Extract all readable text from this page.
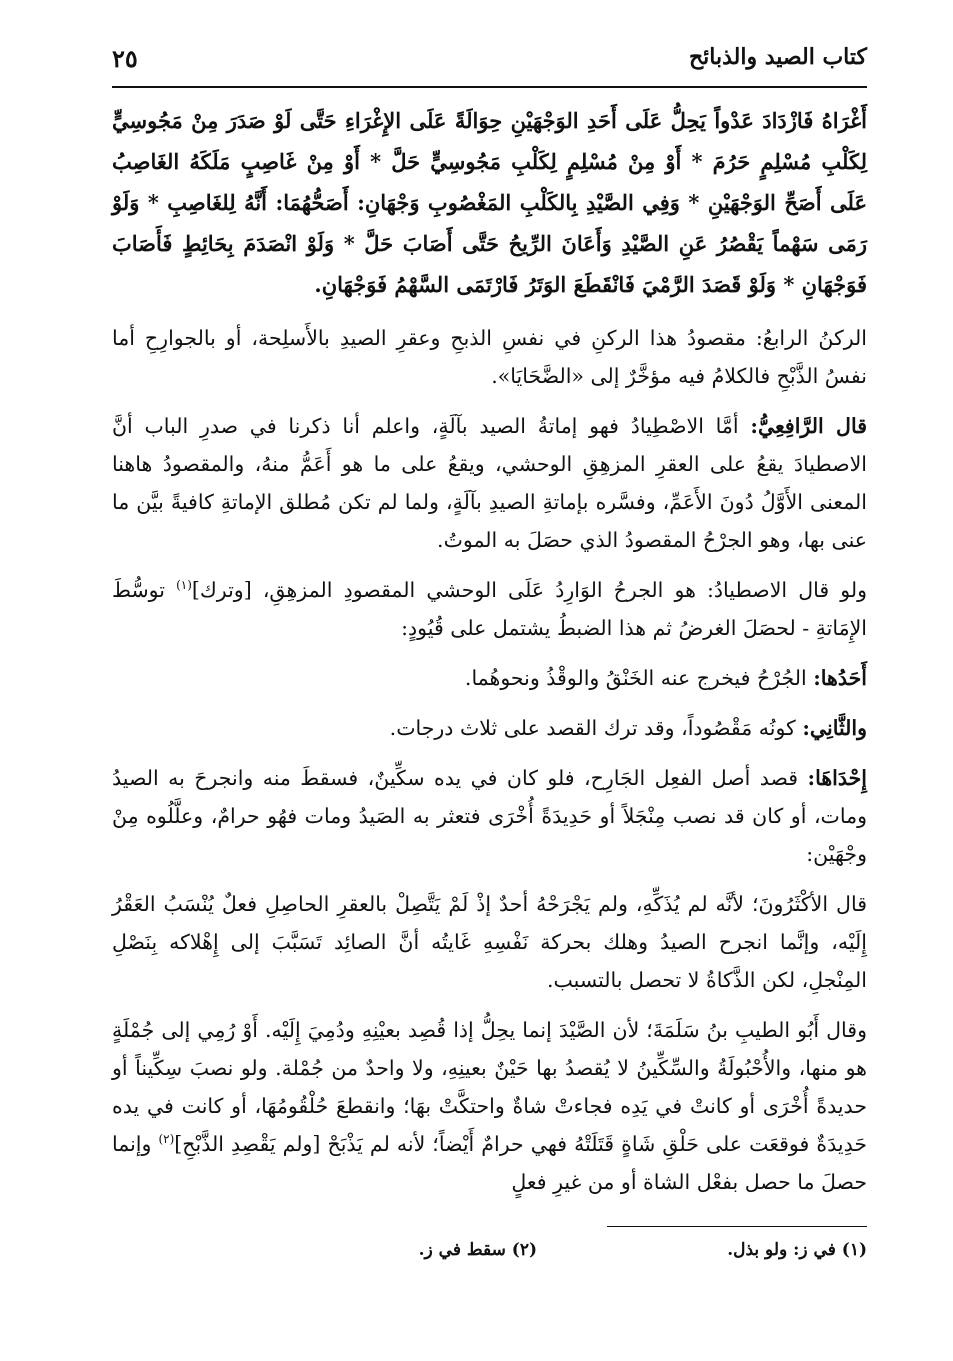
كتاب الصيد والذبائح
٢٥

أَغْرَاهُ فَازْدَادَ عَدْواً يَحِلُّ عَلَى أَحَدِ الوَجْهَيْنِ حِوَالَةً عَلَى الإِغْرَاءِ حَتَّى لَوْ صَدَرَ مِنْ مَجُوسِيٍّ لِكَلْبِ مُسْلِمٍ حَرُمَ * أَوْ مِنْ مُسْلِمٍ لِكَلْبِ مَجُوسِيٍّ حَلَّ * أَوْ مِنْ غَاصِبٍ مَلَكَهُ الغَاصِبُ عَلَى أَصَحِّ الوَجْهَيْنِ * وَفِي الصَّيْدِ بِالكَلْبِ المَغْصُوبِ وَجْهَانِ: أَصَحُّهُمَا: أَنَّهُ لِلغَاصِبِ * وَلَوْ رَمَى سَهْماً يَقْصُرُ عَنِ الصَّيْدِ وَأَعَانَ الرِّيحُ حَتَّى أَصَابَ حَلَّ * وَلَوْ انْصَدَمَ بِحَائِطٍ فَأَصَابَ فَوَجْهَانِ * وَلَوْ قَصَدَ الرَّمْيَ فَانْقَطَعَ الوَتَرُ فَارْتَمَى السَّهْمُ فَوَجْهَانِ.

الركنُ الرابعُ: مقصودُ هذا الركنِ في نفسِ الذبحِ وعقرِ الصيدِ بالأَسلِحة، أو بالجوارِحِ أما نفسُ الذَّبْحِ فالكلامُ فيه مؤخَّرٌ إلى «الضَّحَايَا».

قال الرَّافِعِيُّ: أمَّا الاصْطِيادُ فهو إماتةُ الصيد بآلَةٍ، واعلم أنا ذكرنا في صدرِ الباب أنَّ الاصطيادَ يقعُ على العقرِ المزهِقِ الوحشي، ويقعُ على ما هو أَعَمُّ منهُ، والمقصودُ هاهنا المعنى الأَوَّلُ دُونَ الأَعَمِّ، وفسَّره بإماتةِ الصيدِ بآلَةٍ، ولما لم تكن مُطلق الإماتةِ كافيةً بيَّن ما عنى بها، وهو الجرْحُ المقصودُ الذي حصَلَ به الموتُ.

ولو قال الاصطيادُ: هو الجرحُ الوَارِدُ عَلَى الوحشي المقصودِ المزهِقِ، [وترك]$^{(١)}$ توسُّطَ الإِمَاتةِ - لحصَلَ الغرضُ ثم هذا الضبطُ يشتمل على قُيُودٍ:

أَحَدُها: الجُرْحُ فيخرج عنه الخَنْقُ والوقْذُ ونحوهُما.

والثَّانِي: كونُه مَقْصُوداً، وقد ترك القصد على ثلاث درجات.

إِحْدَاهَا: قصد أصل الفعِل الجَارِح، فلو كان في يده سكِّينٌ، فسقطَ منه وانجرحَ به الصيدُ ومات، أو كان قد نصب مِنْجَلاً أو حَدِيدَةً أُخْرَى فتعثر به الصَيدُ ومات فهُو حرامٌ، وعلَّلُوه مِنْ وجْهَيْن:

قال الأكْثَرُونَ؛ لأنَّه لم يُذَكِّهِ، ولم يَجْرَحْهُ أحدٌ إذْ لَمْ يَتَّصِلْ بالعقرِ الحاصِلِ فعلٌ يُنْسَبُ العَقْرُ إِلَيْه، وإنَّما انجرح الصيدُ وهلك بحركة نَفْسِهِ غَايتُه أنَّ الصائِد تَسَبَّبَ إلى إِهْلاكه بِنَصْلِ المِنْجلِ، لكن الذَّكاةُ لا تحصل بالتسبب.

وقال أَبُو الطيبِ بنُ سَلَمَةَ؛ لأن الصَّيْدَ إنما يحِلُّ إذا قُصِد بعيْنِهِ ودُمِيَ إِلَيْه. أَوْ رُمِي إلى جُمْلَةٍ هو منها، والأُحْبُولَةُ والسِّكِّينُ لا يُقصدُ بها حَيْنٌ بعينِهِ، ولا واحدٌ من جُمْلة. ولو نصبَ سِكِّيناً أو حديدةً أُخْرَى أو كانتْ في يَدِه فجاءتْ شاةٌ واحتكَّتْ بهَا؛ وانقطعَ حُلْقُومُهَا، أو كانت في يده حَدِيدَةٌ فوقعَت على حَلْقِ شَاةٍ قَتَلَتْهُ فهي حرامٌ أَيْضاً؛ لأنه لم يَذْبَحْ [ولم يَقْصِدِ الذَّبْحِ]$^{(٢)}$ وإنما حصلَ ما حصل بفعْل الشاة أو من غيرِ فعلٍ

(١) في ز: ولو بذل.
(٢) سقط في ز.
